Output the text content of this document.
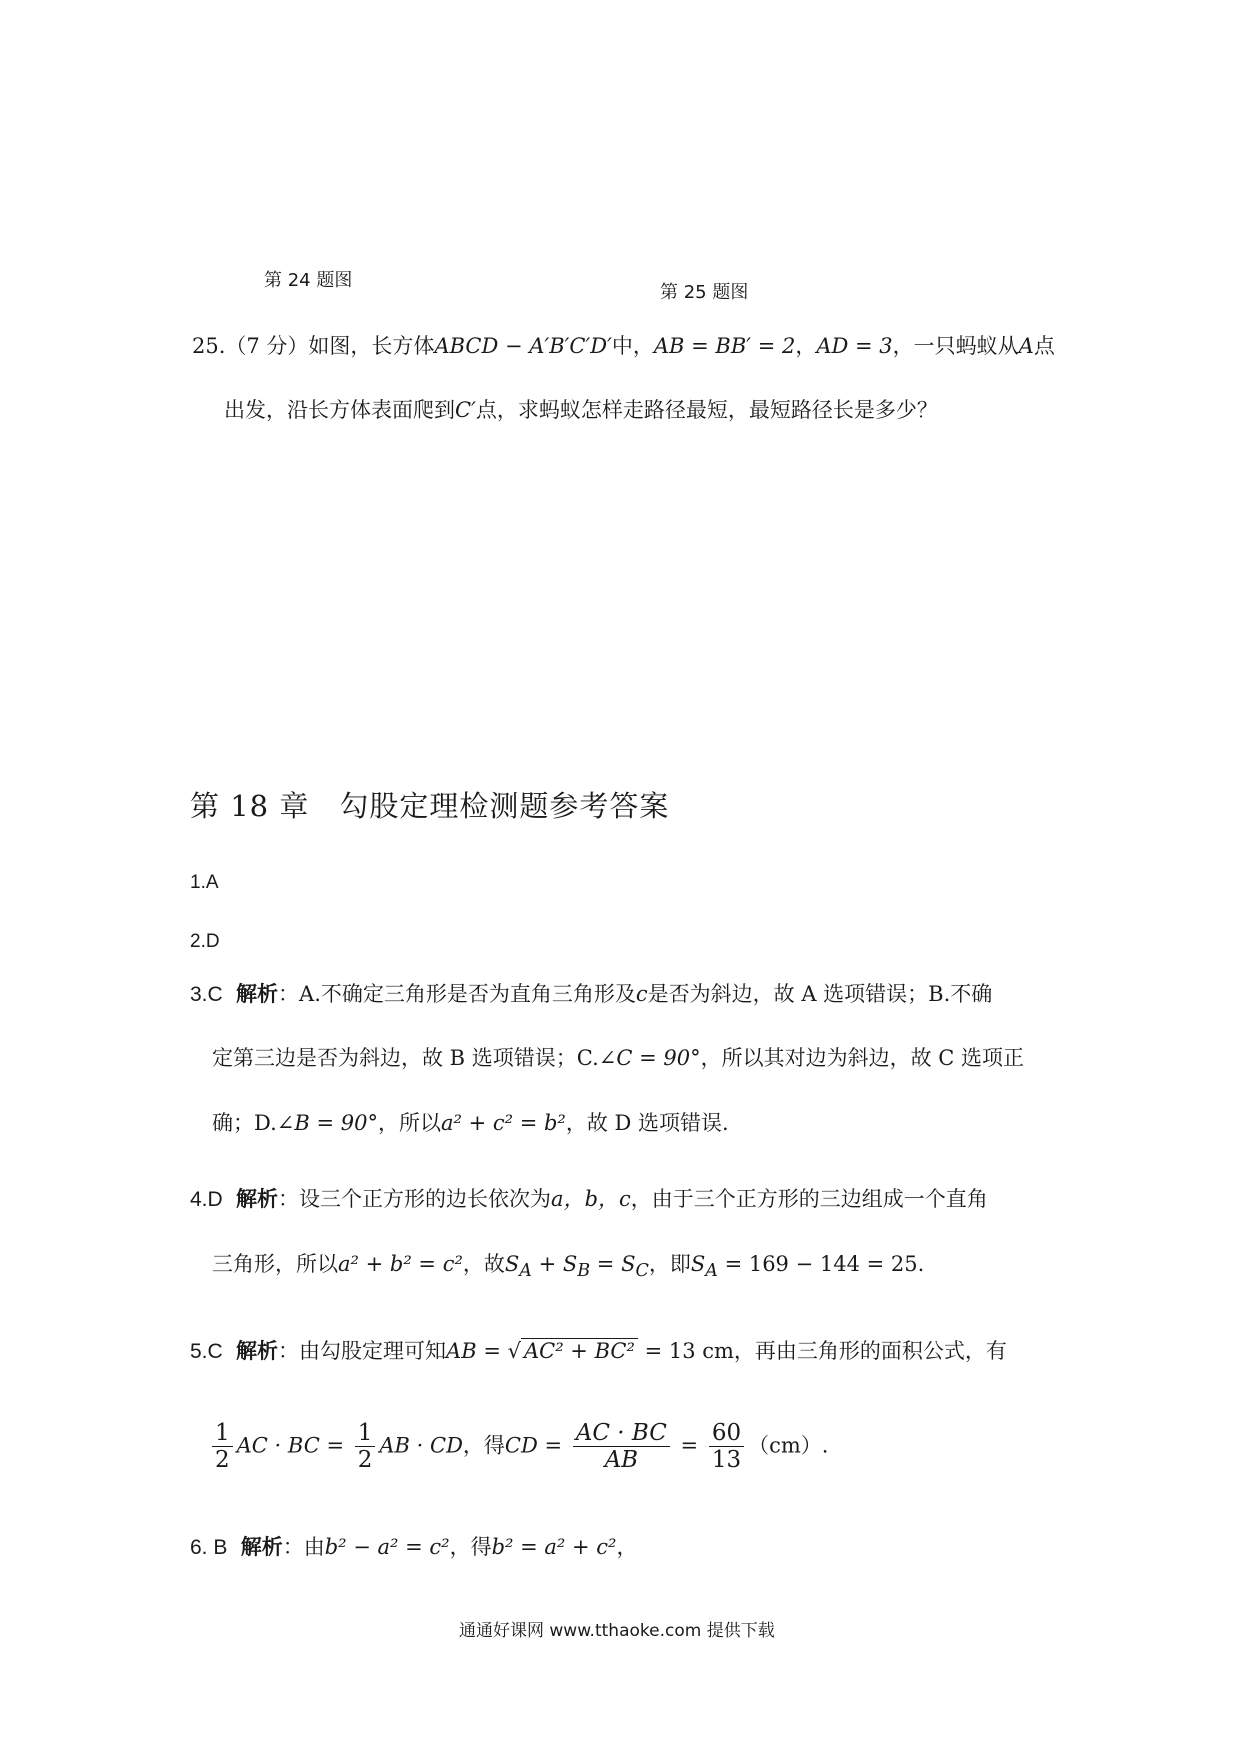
第 24 题图
第 25 题图
25.（7 分）如图，长方体ABCD − A′B′C′D′中，AB = BB′ = 2，AD = 3，一只蚂蚁从A点
出发，沿长方体表面爬到C′点，求蚂蚁怎样走路径最短，最短路径长是多少？
第 18 章　勾股定理检测题参考答案
1.A
2.D
3.C 解析：A.不确定三角形是否为直角三角形及c是否为斜边，故 A 选项错误；B.不确
定第三边是否为斜边，故 B 选项错误；C.∠C = 90°，所以其对边为斜边，故 C 选项正
确；D.∠B = 90°，所以a² + c² = b²，故 D 选项错误.
4.D 解析：设三个正方形的边长依次为a，b，c，由于三个正方形的三边组成一个直角
三角形，所以a² + b² = c²，故$S_A + S_B = S_C$，即$S_A = 169 - 144 = 25$.
5.C 解析：由勾股定理可知AB = √ AC² + BC² = 13 cm，再由三角形的面积公式，有
$\frac{1}{2}$ AC · BC = $\frac{1}{2}$ AB · CD，得CD = $\frac{AC \cdot BC}{AB} = \frac{60}{13} (cm)$.
6. B 解析：由b² − a² = c²，得b² = a² + c²，
通通好课网 www.tthaoke.com 提供下载
